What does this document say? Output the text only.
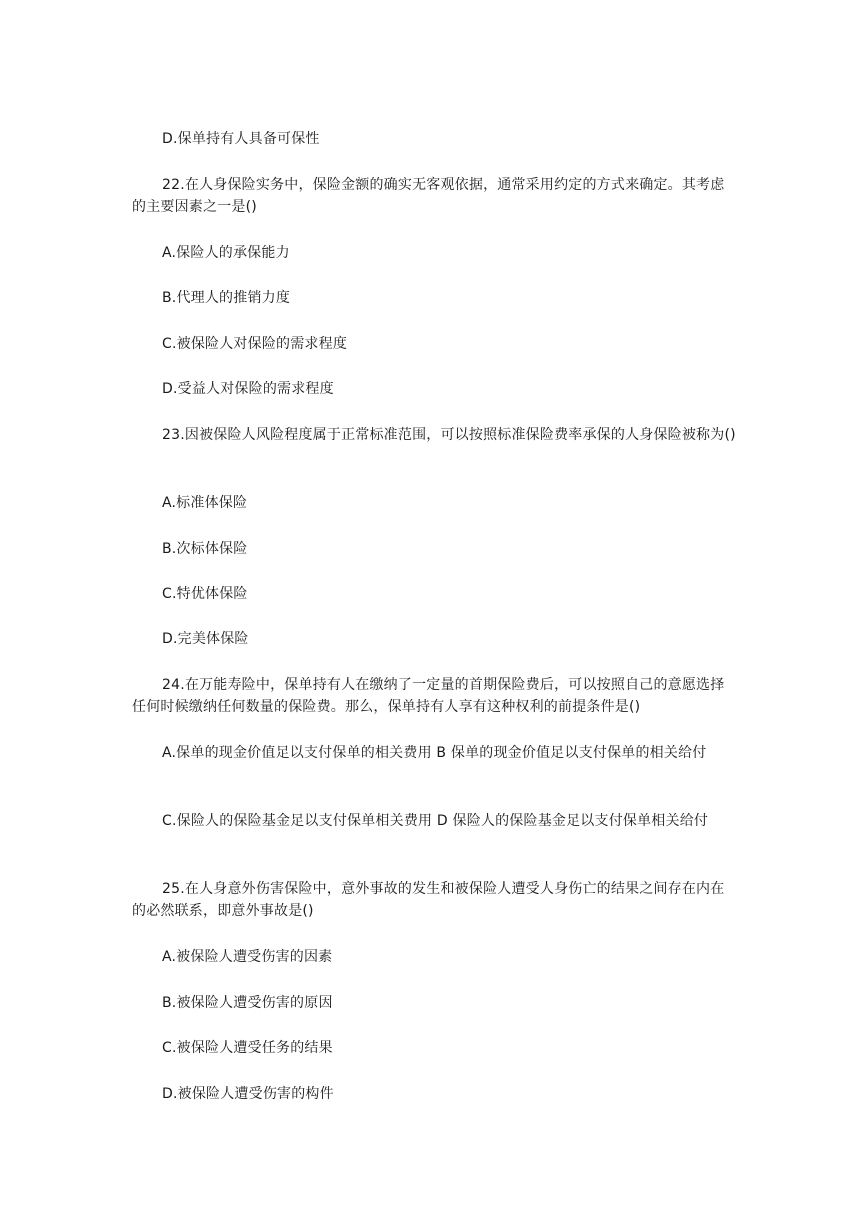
D.保单持有人具备可保性

22.在人身保险实务中，保险金额的确实无客观依据，通常采用约定的方式来确定。其考虑的主要因素之一是()

A.保险人的承保能力

B.代理人的推销力度

C.被保险人对保险的需求程度

D.受益人对保险的需求程度

23.因被保险人风险程度属于正常标准范围，可以按照标准保险费率承保的人身保险被称为()

A.标准体保险

B.次标体保险

C.特优体保险

D.完美体保险

24.在万能寿险中，保单持有人在缴纳了一定量的首期保险费后，可以按照自己的意愿选择任何时候缴纳任何数量的保险费。那么，保单持有人享有这种权利的前提条件是()

A.保单的现金价值足以支付保单的相关费用 B 保单的现金价值足以支付保单的相关给付

C.保险人的保险基金足以支付保单相关费用 D 保险人的保险基金足以支付保单相关给付

25.在人身意外伤害保险中，意外事故的发生和被保险人遭受人身伤亡的结果之间存在内在的必然联系，即意外事故是()

A.被保险人遭受伤害的因素

B.被保险人遭受伤害的原因

C.被保险人遭受任务的结果

D.被保险人遭受伤害的构件
